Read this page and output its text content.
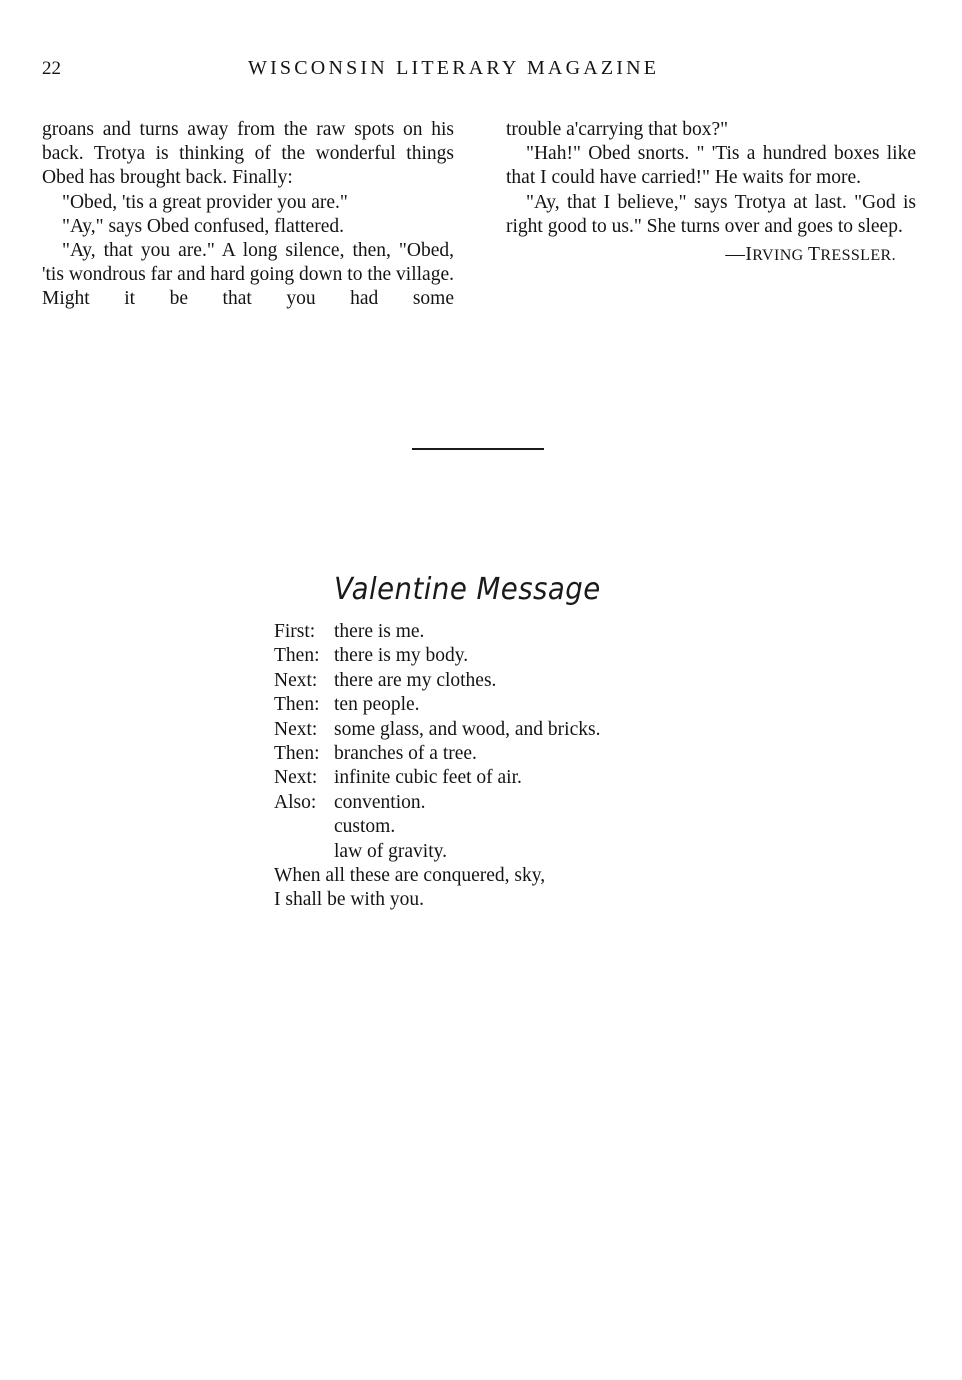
22	WISCONSIN LITERARY MAGAZINE

groans and turns away from the raw spots on his back. Trotya is thinking of the wonderful things Obed has brought back. Finally:

"Obed, 'tis a great provider you are."

"Ay," says Obed confused, flattered.

"Ay, that you are." A long silence, then, "Obed, 'tis wondrous far and hard going down to the village. Might it be that you had some

trouble a'carrying that box?"

"Hah!" Obed snorts. " 'Tis a hundred boxes like that I could have carried!" He waits for more.

"Ay, that I believe," says Trotya at last. "God is right good to us." She turns over and goes to sleep.

—IRVING TRESSLER.
Valentine Message
First: there is me.
Then: there is my body.
Next: there are my clothes.
Then: ten people.
Next: some glass, and wood, and bricks.
Then: branches of a tree.
Next: infinite cubic feet of air.
Also: convention.
custom.
law of gravity.
When all these are conquered, sky,
I shall be with you.
